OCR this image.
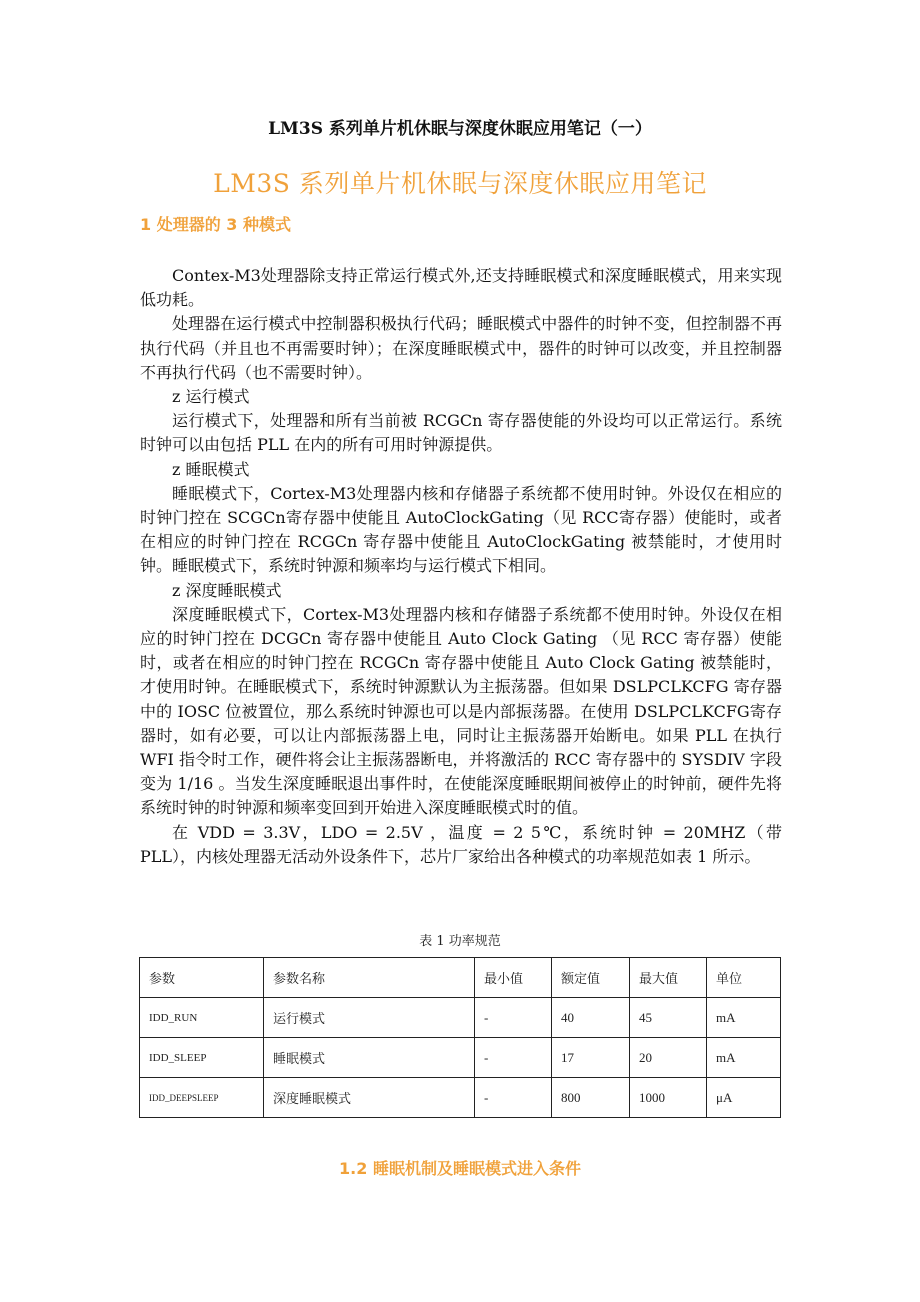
LM3S 系列单片机休眠与深度休眠应用笔记（一）
LM3S 系列单片机休眠与深度休眠应用笔记
1 处理器的 3 种模式

Contex-M3处理器除支持正常运行模式外,还支持睡眠模式和深度睡眠模式，用来实现低功耗。

处理器在运行模式中控制器积极执行代码；睡眠模式中器件的时钟不变，但控制器不再执行代码（并且也不再需要时钟）；在深度睡眠模式中，器件的时钟可以改变，并且控制器不再执行代码（也不需要时钟）。

z 运行模式

运行模式下，处理器和所有当前被 RCGCn 寄存器使能的外设均可以正常运行。系统时钟可以由包括 PLL 在内的所有可用时钟源提供。

z 睡眠模式

睡眠模式下，Cortex-M3处理器内核和存储器子系统都不使用时钟。外设仅在相应的时钟门控在 SCGCn寄存器中使能且 AutoClockGating（见 RCC寄存器）使能时，或者在相应的时钟门控在 RCGCn 寄存器中使能且 AutoClockGating 被禁能时，才使用时钟。睡眠模式下，系统时钟源和频率均与运行模式下相同。

z 深度睡眠模式

深度睡眠模式下，Cortex-M3处理器内核和存储器子系统都不使用时钟。外设仅在相应的时钟门控在 DCGCn 寄存器中使能且 Auto Clock Gating （见 RCC 寄存器）使能时，或者在相应的时钟门控在 RCGCn 寄存器中使能且 Auto Clock Gating 被禁能时，才使用时钟。在睡眠模式下，系统时钟源默认为主振荡器。但如果 DSLPCLKCFG 寄存器中的 IOSC 位被置位，那么系统时钟源也可以是内部振荡器。在使用 DSLPCLKCFG寄存器时，如有必要，可以让内部振荡器上电，同时让主振荡器开始断电。如果 PLL 在执行 WFI 指令时工作，硬件将会让主振荡器断电，并将激活的 RCC 寄存器中的 SYSDIV 字段变为 1/16 。当发生深度睡眠退出事件时，在使能深度睡眠期间被停止的时钟前，硬件先将系统时钟的时钟源和频率变回到开始进入深度睡眠模式时的值。

在 VDD = 3.3V，LDO = 2.5V ，温度 = 2 5℃，系统时钟 = 20MHZ（带 PLL），内核处理器无活动外设条件下，芯片厂家给出各种模式的功率规范如表 1 所示。

表 1 功率规范
参数	参数名称	最小值	额定值	最大值	单位
IDD_RUN	运行模式	-	40	45	mA
IDD_SLEEP	睡眠模式	-	17	20	mA
IDD_DEEPSLEEP	深度睡眠模式	-	800	1000	μA
1.2 睡眠机制及睡眠模式进入条件
